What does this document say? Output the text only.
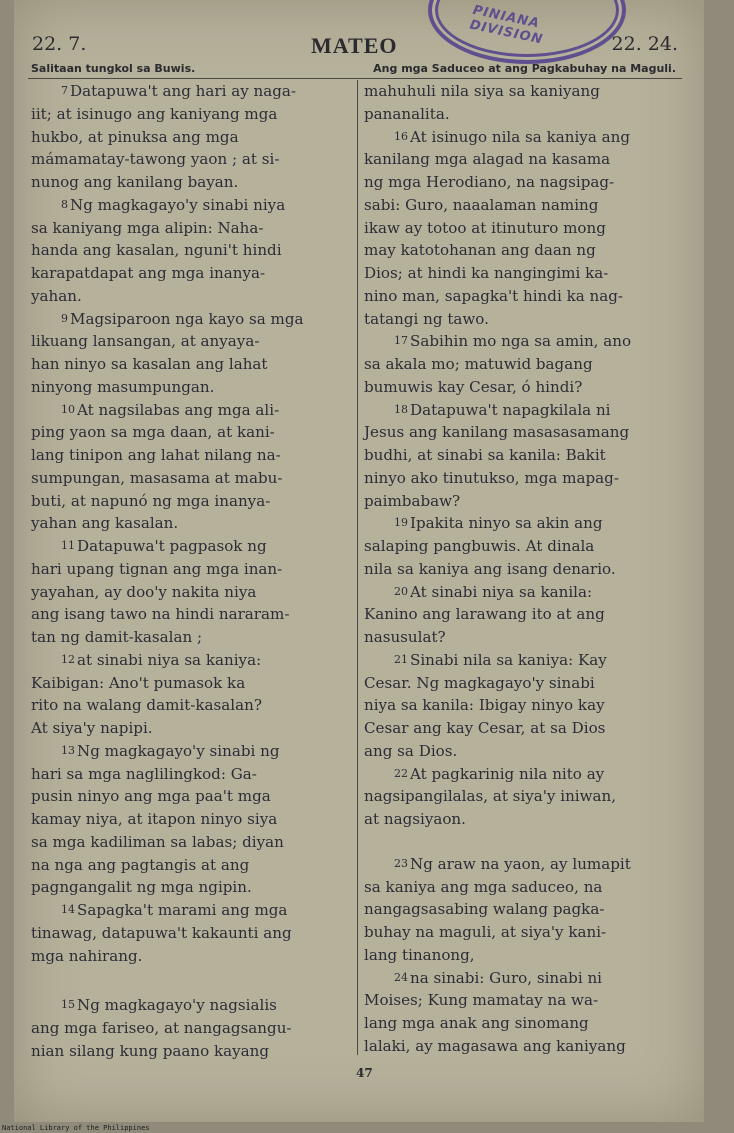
PINIANA DIVISION
22. 7.	MATEO	22. 24.
Salitaan tungkol sa Buwis.	Ang mga Saduceo at ang Pagkabuhay na Maguli.
7 Datapuwa't ang hari ay naga-
iit; at isinugo ang kaniyang mga
hukbo, at pinuksa ang mga
mámamatay-tawong yaon ; at si-
nunog ang kanilang bayan.
8 Ng magkagayo'y sinabi niya
sa kaniyang mga alipin: Naha-
handa ang kasalan, nguni't hindi
karapatdapat ang mga inanya-
yahan.
9 Magsiparoon nga kayo sa mga
likuang lansangan, at anyaya-
han ninyo sa kasalan ang lahat
ninyong masumpungan.
10 At nagsilabas ang mga ali-
ping yaon sa mga daan, at kani-
lang tinipon ang lahat nilang na-
sumpungan, masasama at mabu-
buti, at napunó ng mga inanya-
yahan ang kasalan.
11 Datapuwa't pagpasok ng
hari upang tignan ang mga inan-
yayahan, ay doo'y nakita niya
ang isang tawo na hindi nararam-
tan ng damit-kasalan ;
12 at sinabi niya sa kaniya:
Kaibigan: Ano't pumasok ka
rito na walang damit-kasalan?
At siya'y napipi.
13 Ng magkagayo'y sinabi ng
hari sa mga naglilingkod: Ga-
pusin ninyo ang mga paa't mga
kamay niya, at itapon ninyo siya
sa mga kadiliman sa labas; diyan
na nga ang pagtangis at ang
pagngangalit ng mga ngipin.
14 Sapagka't marami ang mga
tinawag, datapuwa't kakaunti ang
mga nahirang.
15 Ng magkagayo'y nagsialis
ang mga fariseo, at nangagsangu-
nian silang kung paano kayang
mahuhuli nila siya sa kaniyang
pananalita.
16 At isinugo nila sa kaniya ang
kanilang mga alagad na kasama
ng mga Herodiano, na nagsipag-
sabi: Guro, naaalaman naming
ikaw ay totoo at itinuturo mong
may katotohanan ang daan ng
Dios; at hindi ka nangingimi ka-
nino man, sapagka't hindi ka nag-
tatangi ng tawo.
17 Sabihin mo nga sa amin, ano
sa akala mo; matuwid bagang
bumuwis kay Cesar, ó hindi?
18 Datapuwa't napagkilala ni
Jesus ang kanilang masasasamang
budhi, at sinabi sa kanila: Bakit
ninyo ako tinutukso, mga mapag-
paimbabaw?
19 Ipakita ninyo sa akin ang
salaping pangbuwis. At dinala
nila sa kaniya ang isang denario.
20 At sinabi niya sa kanila:
Kanino ang larawang ito at ang
nasusulat?
21 Sinabi nila sa kaniya: Kay
Cesar. Ng magkagayo'y sinabi
niya sa kanila: Ibigay ninyo kay
Cesar ang kay Cesar, at sa Dios
ang sa Dios.
22 At pagkarinig nila nito ay
nagsipangilalas, at siya'y iniwan,
at nagsiyaon.
23 Ng araw na yaon, ay lumapit
sa kaniya ang mga saduceo, na
nangagsasabing walang pagka-
buhay na maguli, at siya'y kani-
lang tinanong,
24 na sinabi: Guro, sinabi ni
Moises; Kung mamatay na wa-
lang mga anak ang sinomang
lalaki, ay magasawa ang kaniyang
47
National Library of the Philippines
